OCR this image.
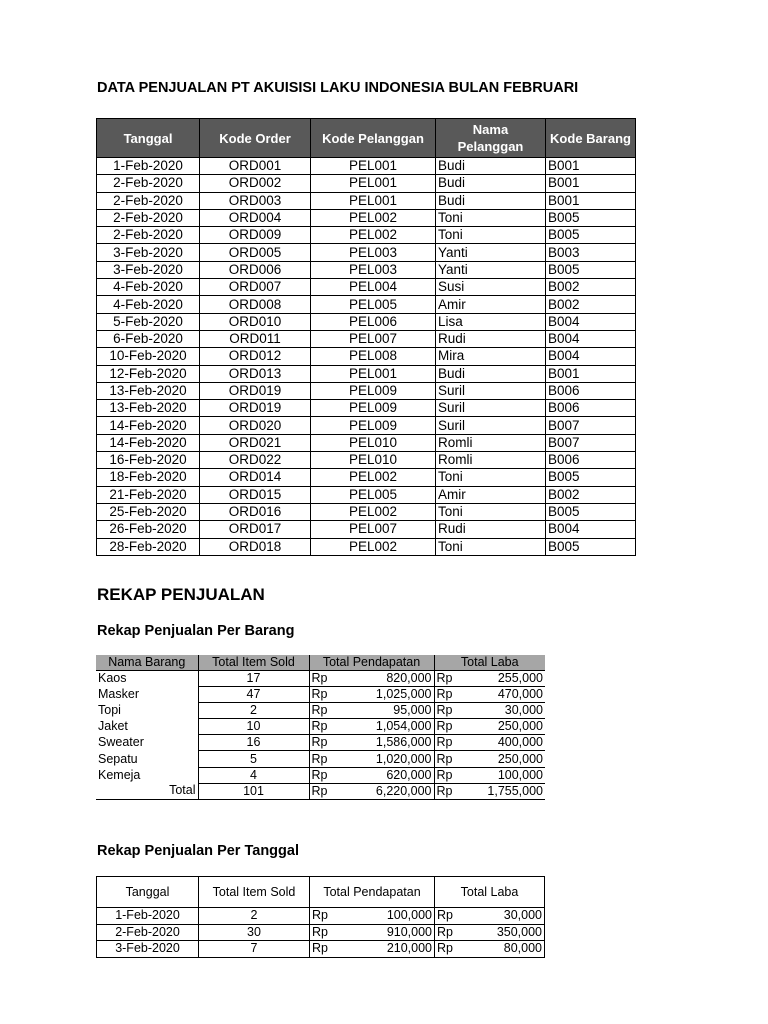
DATA PENJUALAN PT AKUISISI LAKU INDONESIA BULAN FEBRUARI
Tanggal	Kode Order	Kode Pelanggan	Nama Pelanggan	Kode Barang
1-Feb-2020	ORD001	PEL001	Budi	B001
2-Feb-2020	ORD002	PEL001	Budi	B001
2-Feb-2020	ORD003	PEL001	Budi	B001
2-Feb-2020	ORD004	PEL002	Toni	B005
2-Feb-2020	ORD009	PEL002	Toni	B005
3-Feb-2020	ORD005	PEL003	Yanti	B003
3-Feb-2020	ORD006	PEL003	Yanti	B005
4-Feb-2020	ORD007	PEL004	Susi	B002
4-Feb-2020	ORD008	PEL005	Amir	B002
5-Feb-2020	ORD010	PEL006	Lisa	B004
6-Feb-2020	ORD011	PEL007	Rudi	B004
10-Feb-2020	ORD012	PEL008	Mira	B004
12-Feb-2020	ORD013	PEL001	Budi	B001
13-Feb-2020	ORD019	PEL009	Suril	B006
13-Feb-2020	ORD019	PEL009	Suril	B006
14-Feb-2020	ORD020	PEL009	Suril	B007
14-Feb-2020	ORD021	PEL010	Romli	B007
16-Feb-2020	ORD022	PEL010	Romli	B006
18-Feb-2020	ORD014	PEL002	Toni	B005
21-Feb-2020	ORD015	PEL005	Amir	B002
25-Feb-2020	ORD016	PEL002	Toni	B005
26-Feb-2020	ORD017	PEL007	Rudi	B004
28-Feb-2020	ORD018	PEL002	Toni	B005
REKAP PENJUALAN
Rekap Penjualan Per Barang
Nama Barang	Total Item Sold	Total Pendapatan	Total Laba
Kaos	17	Rp 820,000	Rp 255,000

Masker	47	Rp 1,025,000	Rp 470,000

Topi	2	Rp 95,000	Rp 30,000

Jaket	10	Rp 1,054,000	Rp 250,000

Sweater	16	Rp 1,586,000	Rp 400,000

Sepatu	5	Rp 1,020,000	Rp 250,000

Kemeja	4	Rp 620,000	Rp 100,000

Total	101	Rp 6,220,000	Rp 1,755,000
Rekap Penjualan Per Tanggal
Tanggal	Total Item Sold	Total Pendapatan	Total Laba
1-Feb-2020	2	Rp 100,000	Rp 30,000

2-Feb-2020	30	Rp 910,000	Rp 350,000

3-Feb-2020	7	Rp 210,000	Rp 80,000
